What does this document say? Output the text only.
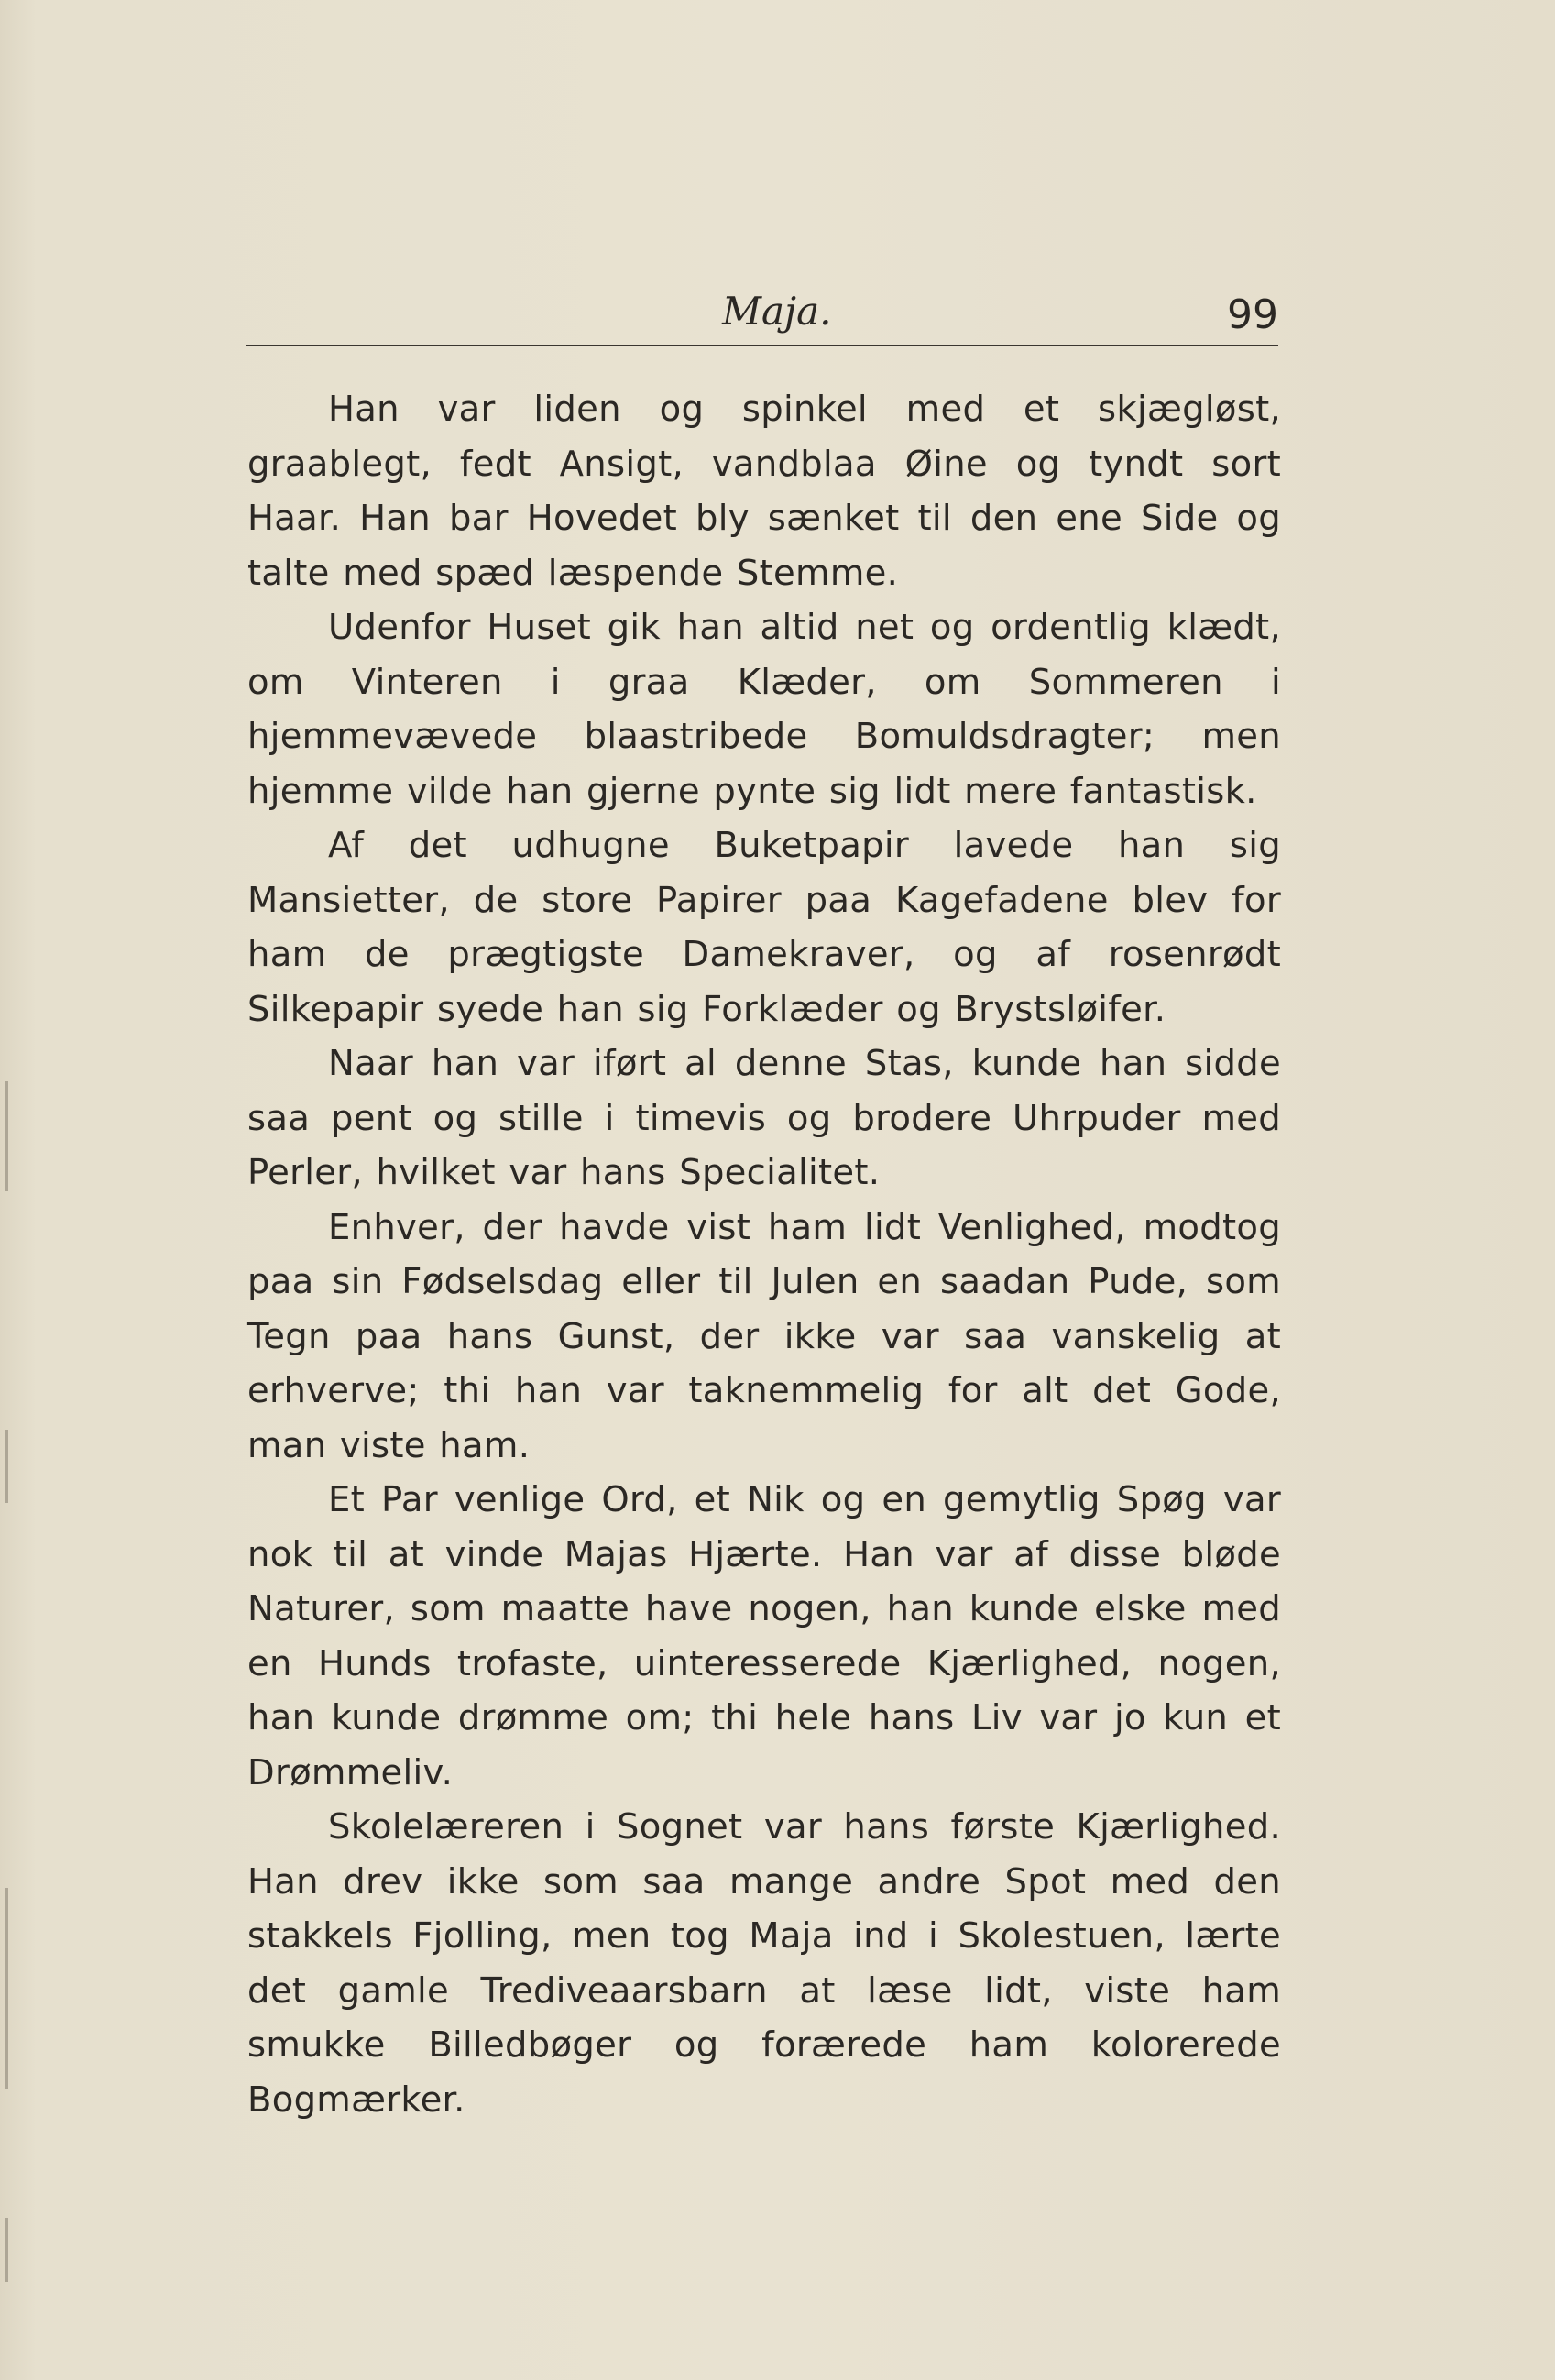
Maja.	99

Han var liden og spinkel med et skjægløst, graablegt, fedt Ansigt, vandblaa Øine og tyndt sort Haar. Han bar Hovedet bly sænket til den ene Side og talte med spæd læspende Stemme.

Udenfor Huset gik han altid net og ordentlig klædt, om Vinteren i graa Klæder, om Sommeren i hjemmevævede blaastribede Bomuldsdragter; men hjemme vilde han gjerne pynte sig lidt mere fantastisk.

Af det udhugne Buketpapir lavede han sig Mansietter, de store Papirer paa Kagefadene blev for ham de prægtigste Damekraver, og af rosenrødt Silkepapir syede han sig Forklæder og Brystsløifer.

Naar han var iført al denne Stas, kunde han sidde saa pent og stille i timevis og brodere Uhrpuder med Perler, hvilket var hans Specialitet.

Enhver, der havde vist ham lidt Venlighed, modtog paa sin Fødselsdag eller til Julen en saadan Pude, som Tegn paa hans Gunst, der ikke var saa vanskelig at erhverve; thi han var taknemmelig for alt det Gode, man viste ham.

Et Par venlige Ord, et Nik og en gemytlig Spøg var nok til at vinde Majas Hjærte. Han var af disse bløde Naturer, som maatte have nogen, han kunde elske med en Hunds trofaste, uinteresserede Kjærlighed, nogen, han kunde drømme om; thi hele hans Liv var jo kun et Drømmeliv.

Skolelæreren i Sognet var hans første Kjærlighed. Han drev ikke som saa mange andre Spot med den stakkels Fjolling, men tog Maja ind i Skolestuen, lærte det gamle Trediveaarsbarn at læse lidt, viste ham smukke Billedbøger og forærede ham kolorerede Bogmærker.
